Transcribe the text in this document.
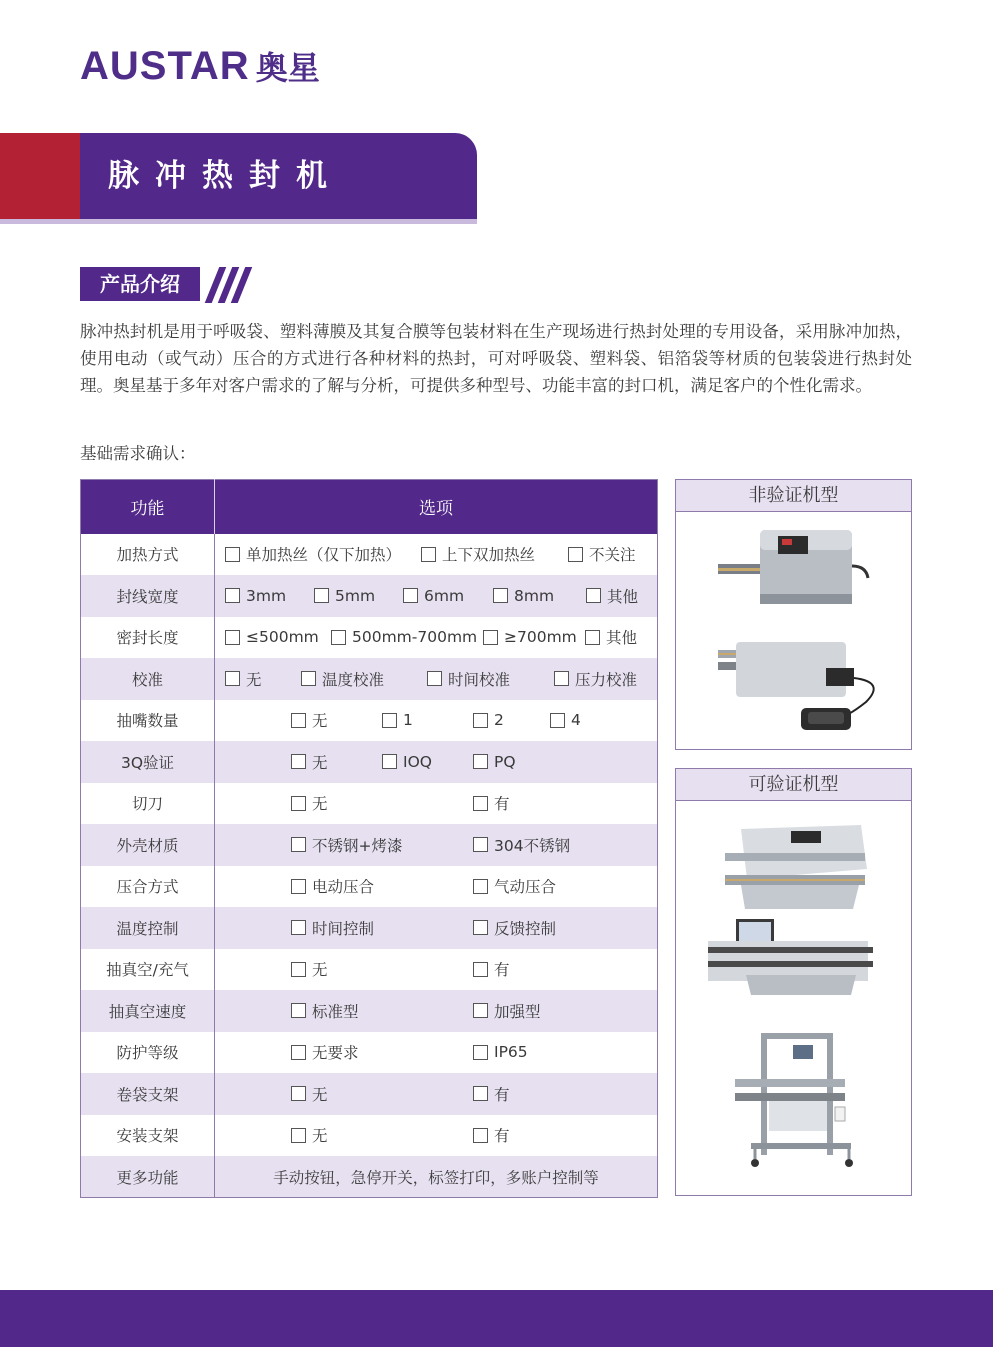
AUSTAR 奥星
脉冲热封机
产品介绍

脉冲热封机是用于呼吸袋、塑料薄膜及其复合膜等包装材料在生产现场进行热封处理的专用设备，采用脉冲加热，使用电动（或气动）压合的方式进行各种材料的热封，可对呼吸袋、塑料袋、铝箔袋等材质的包装袋进行热封处理。奥星基于多年对客户需求的了解与分析，可提供多种型号、功能丰富的封口机，满足客户的个性化需求。

基础需求确认：
功能	选项
加热方式	单加热丝（仅下加热） 上下双加热丝 不关注

封线宽度	3mm 5mm 6mm 8mm 其他

密封长度	≤500mm 500mm-700mm ≥700mm 其他

校准	无 温度校准 时间校准 压力校准

抽嘴数量	无 1 2 4

3Q验证	无 IOQ PQ

切刀	无 有

外壳材质	不锈钢+烤漆 304不锈钢

压合方式	电动压合 气动压合

温度控制	时间控制 反馈控制

抽真空/充气	无 有

抽真空速度	标准型 加强型

防护等级	无要求 IP65

卷袋支架	无 有

安装支架	无 有

更多功能	手动按钮，急停开关，标签打印，多账户控制等
非验证机型
可验证机型
